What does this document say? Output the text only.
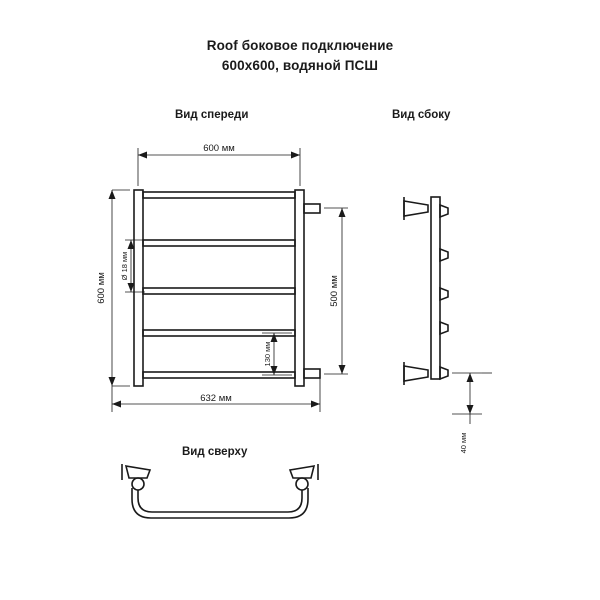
Roof боковое подключение
600x600, водяной ПСШ
Вид спереди	Вид сбоку
Вид сверху
600 мм
632 мм
600 мм
Ø 18 мм
500 мм
130 мм
40 мм
